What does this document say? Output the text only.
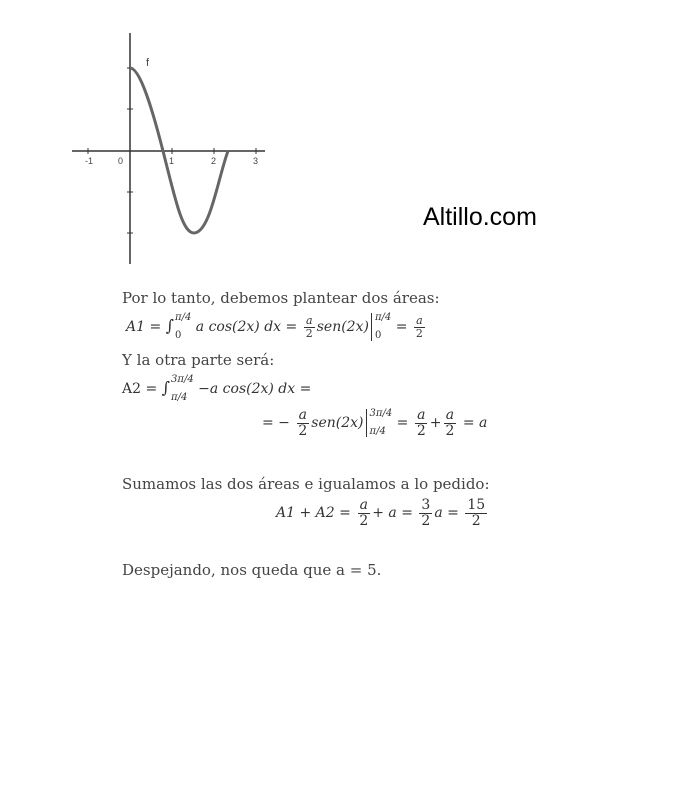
-1	0	1	2	3
f
Altillo.com
Por lo tanto, debemos plantear dos áreas:
A1 = ∫ π/4
0
a cos(2x) dx = $\frac{a}{2} sen(2x)$
π/4
0
= $\frac{a}{2}$
Y la otra parte será:
A2 = ∫ 3π/4
π/4
−a cos(2x) dx =
= − $\frac{a}{2} sen(2x)$
3π/4
π/4
= $\frac{a}{2} + \frac{a}{2} = a$
Sumamos las dos áreas e igualamos a lo pedido:
$A1 + A2 = \frac{a}{2} + a = \frac{3}{2}$ $a = \frac{15}{2}$
Despejando, nos queda que a = 5.
